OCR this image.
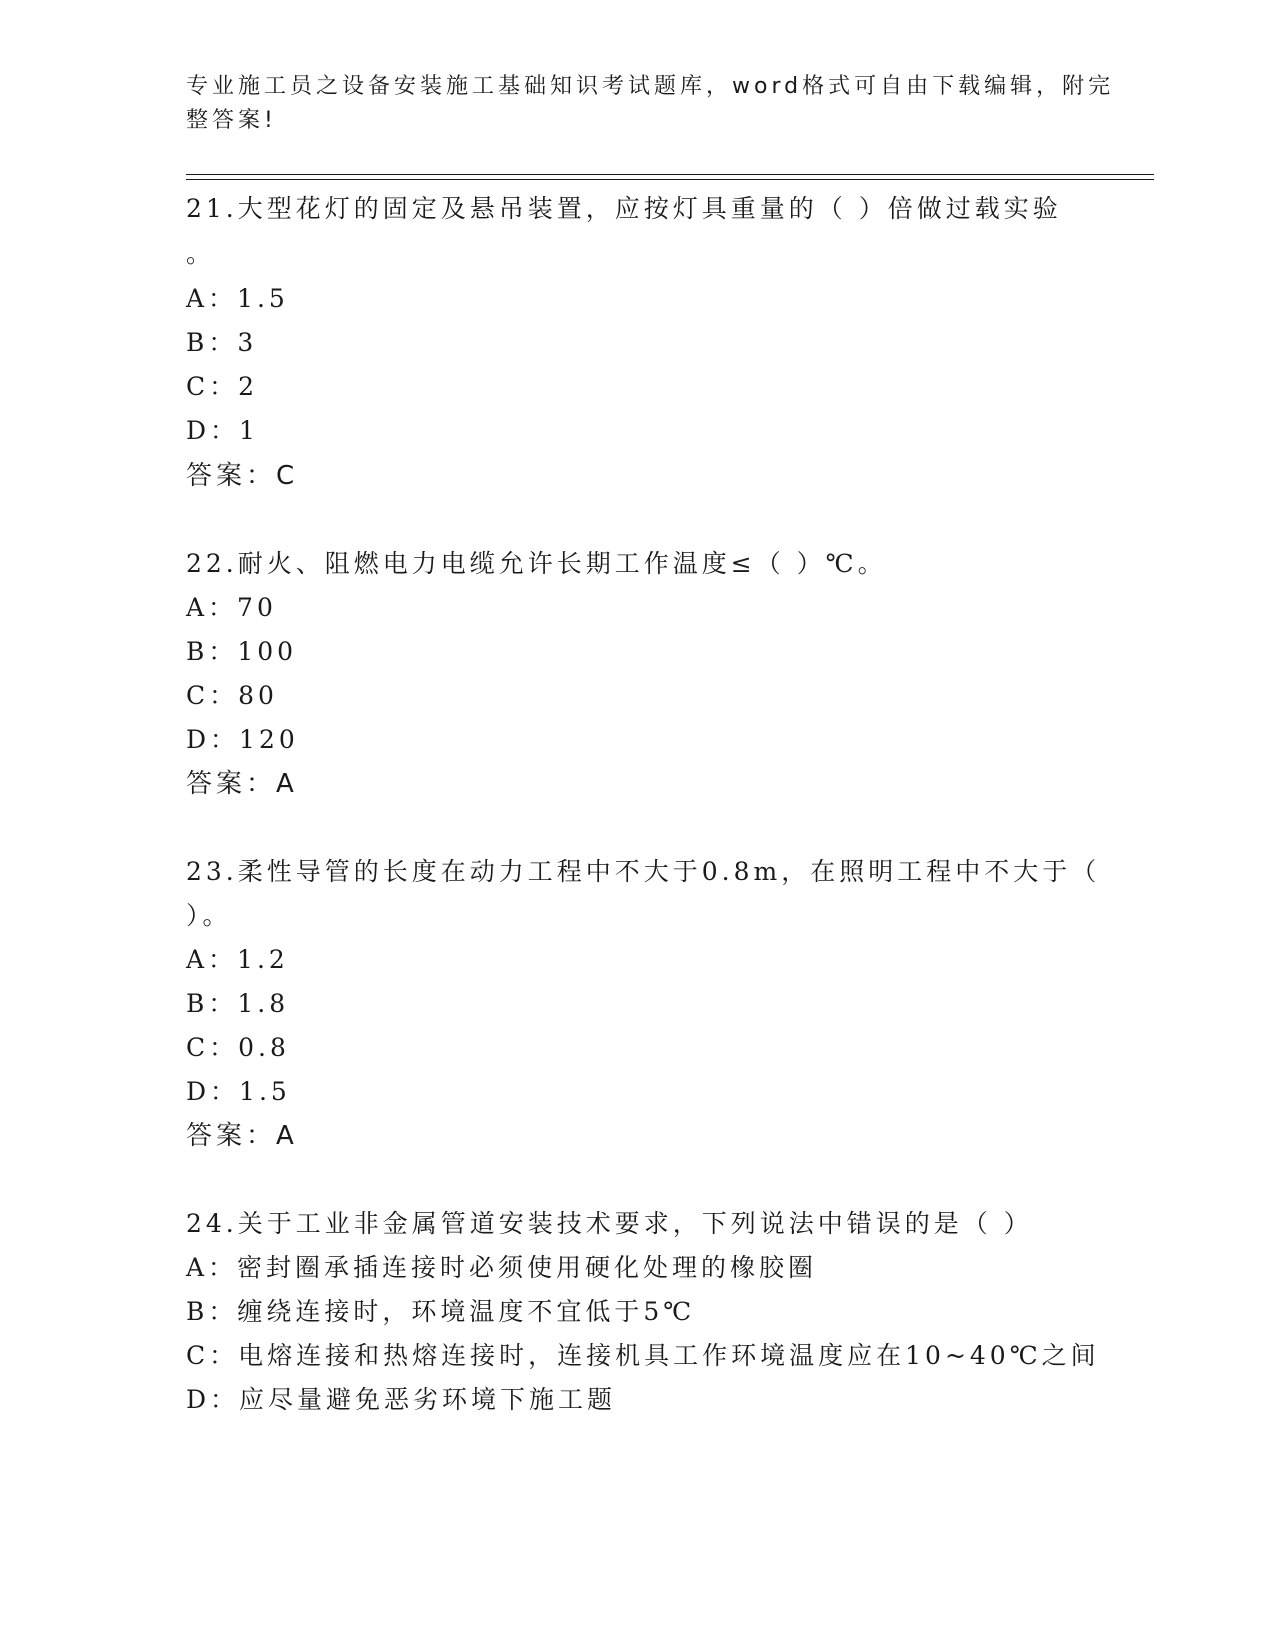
专业施工员之设备安装施工基础知识考试题库，word格式可自由下载编辑，附完
整答案!
21.大型花灯的固定及悬吊装置，应按灯具重量的（ ）倍做过载实验
。
A：1.5
B：3
C：2
D：1
答案：C
22.耐火、阻燃电力电缆允许长期工作温度≤（ ）℃。
A：70
B：100
C：80
D：120
答案：A
23.柔性导管的长度在动力工程中不大于0.8m，在照明工程中不大于（
）。
A：1.2
B：1.8
C：0.8
D：1.5
答案：A
24.关于工业非金属管道安装技术要求，下列说法中错误的是（ ）
A：密封圈承插连接时必须使用硬化处理的橡胶圈
B：缠绕连接时，环境温度不宜低于5℃
C：电熔连接和热熔连接时，连接机具工作环境温度应在10~40℃之间
D：应尽量避免恶劣环境下施工题
